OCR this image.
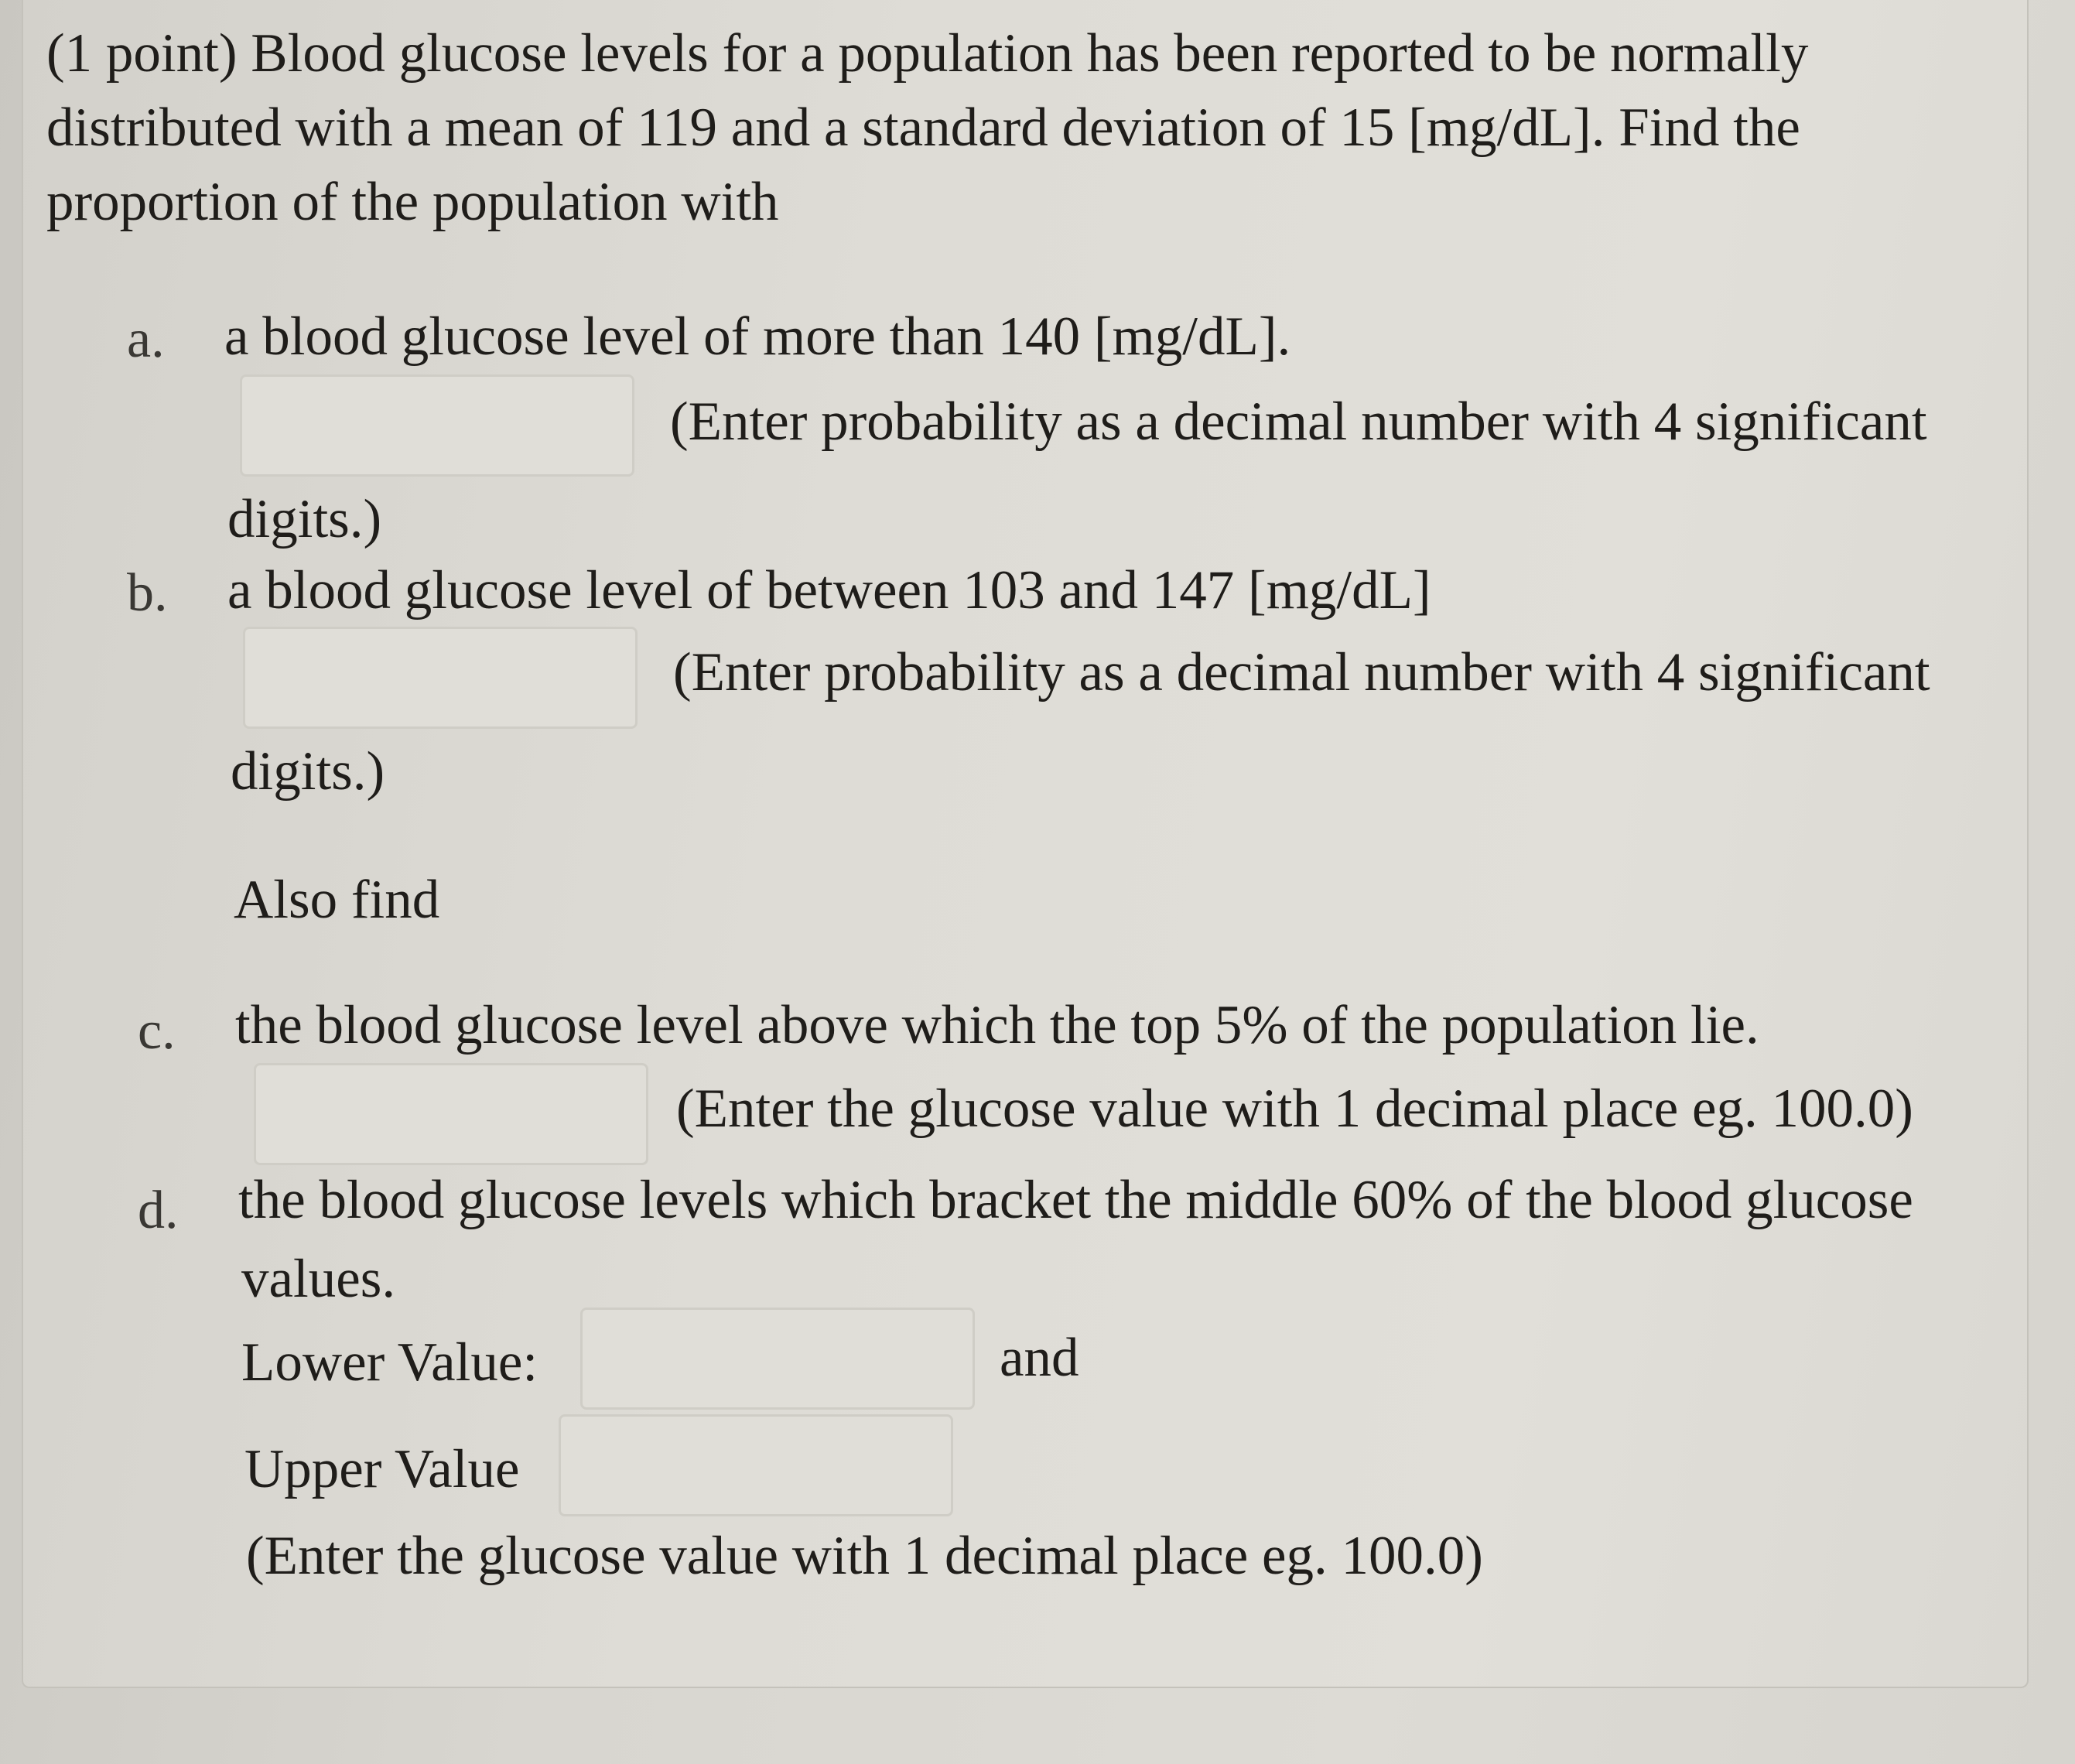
(1 point) Blood glucose levels for a population has been reported to be normally
distributed with a mean of 119 and a standard deviation of 15 [mg/dL]. Find the
proportion of the population with
a. a blood glucose level of more than 140 [mg/dL].
(Enter probability as a decimal number with 4 significant
digits.)
b. a blood glucose level of between 103 and 147 [mg/dL]
(Enter probability as a decimal number with 4 significant
digits.)
Also find
c. the blood glucose level above which the top 5% of the population lie.
(Enter the glucose value with 1 decimal place eg. 100.0)
d. the blood glucose levels which bracket the middle 60% of the blood glucose
values.
Lower Value:	and
Upper Value
(Enter the glucose value with 1 decimal place eg. 100.0)
